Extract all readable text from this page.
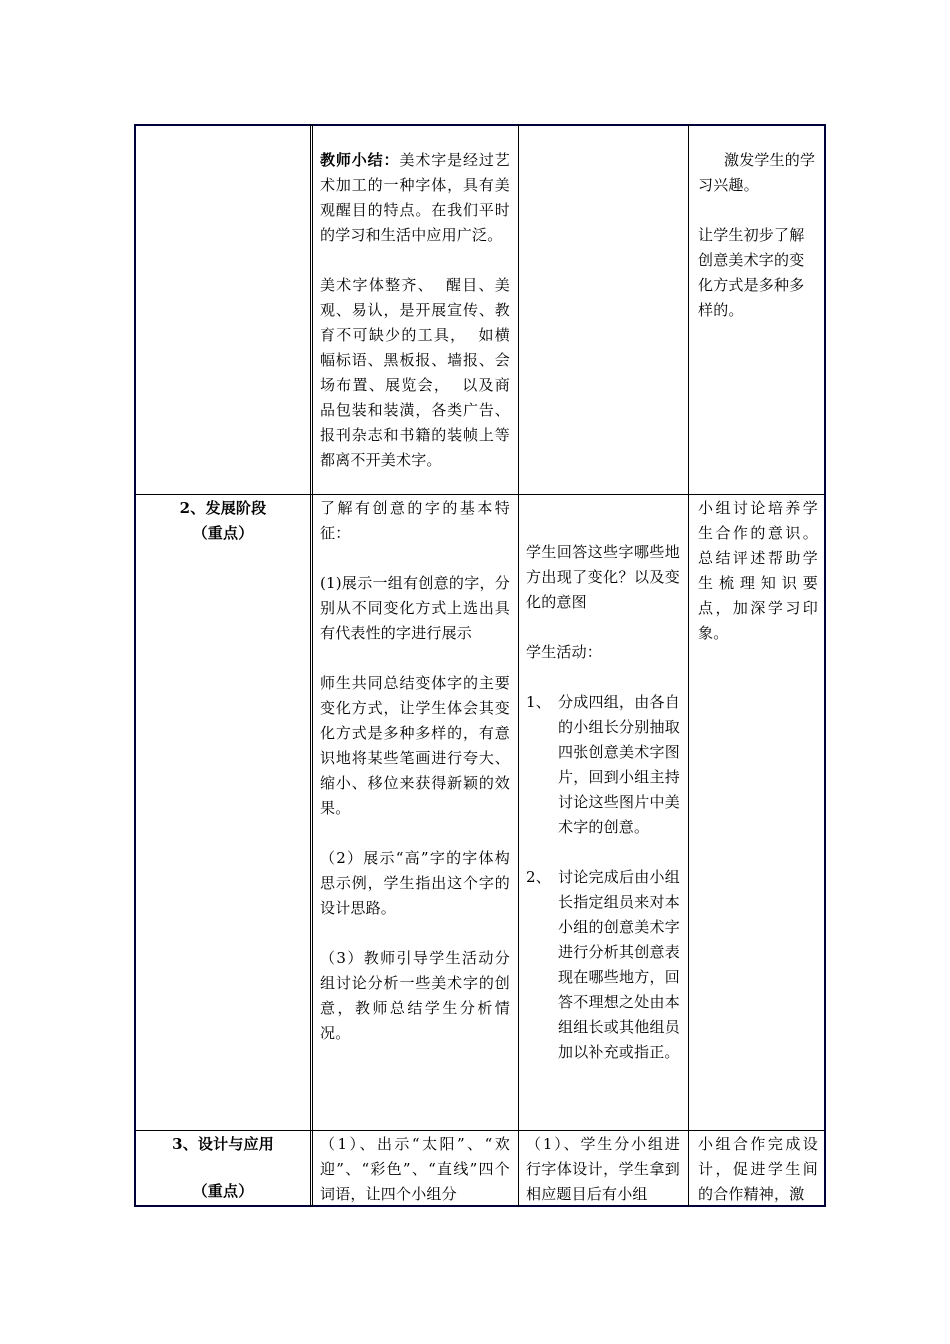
教师小结：美术字是经过艺术加工的一种字体，具有美观醒目的特点。在我们平时的学习和生活中应用广泛。

美术字体整齐、  醒目、美观、易认，是开展宣传、教育不可缺少的工具，  如横幅标语、黑板报、墙报、会场布置、展览会，  以及商品包装和装潢，各类广告、报刊杂志和书籍的装帧上等都离不开美术字。

激发学生的学习兴趣。

让学生初步了解创意美术字的变化方式是多种多样的。

2、发展阶段

（重点）

了解有创意的字的基本特征：

(1)展示一组有创意的字，分别从不同变化方式上选出具有代表性的字进行展示

师生共同总结变体字的主要变化方式，让学生体会其变化方式是多种多样的，有意识地将某些笔画进行夸大、缩小、移位来获得新颖的效果。

（2）展示“高”字的字体构思示例，学生指出这个字的设计思路。

（3）教师引导学生活动分组讨论分析一些美术字的创意，教师总结学生分析情况。

学生回答这些字哪些地方出现了变化？以及变化的意图

学生活动：

1、 分成四组，由各自的小组长分别抽取四张创意美术字图片，回到小组主持讨论这些图片中美术字的创意。
2、 讨论完成后由小组长指定组员来对本小组的创意美术字进行分析其创意表现在哪些地方，回答不理想之处由本组组长或其他组员加以补充或指正。

小组讨论培养学生合作的意识。总结评述帮助学生梳理知识要点，加深学习印象。

3、设计与应用

（重点）

（1）、出示“太阳”、“欢迎”、“彩色”、“直线”四个词语，让四个小组分

（1）、学生分小组进行字体设计，学生拿到相应题目后有小组

小组合作完成设计，促进学生间的合作精神，激
